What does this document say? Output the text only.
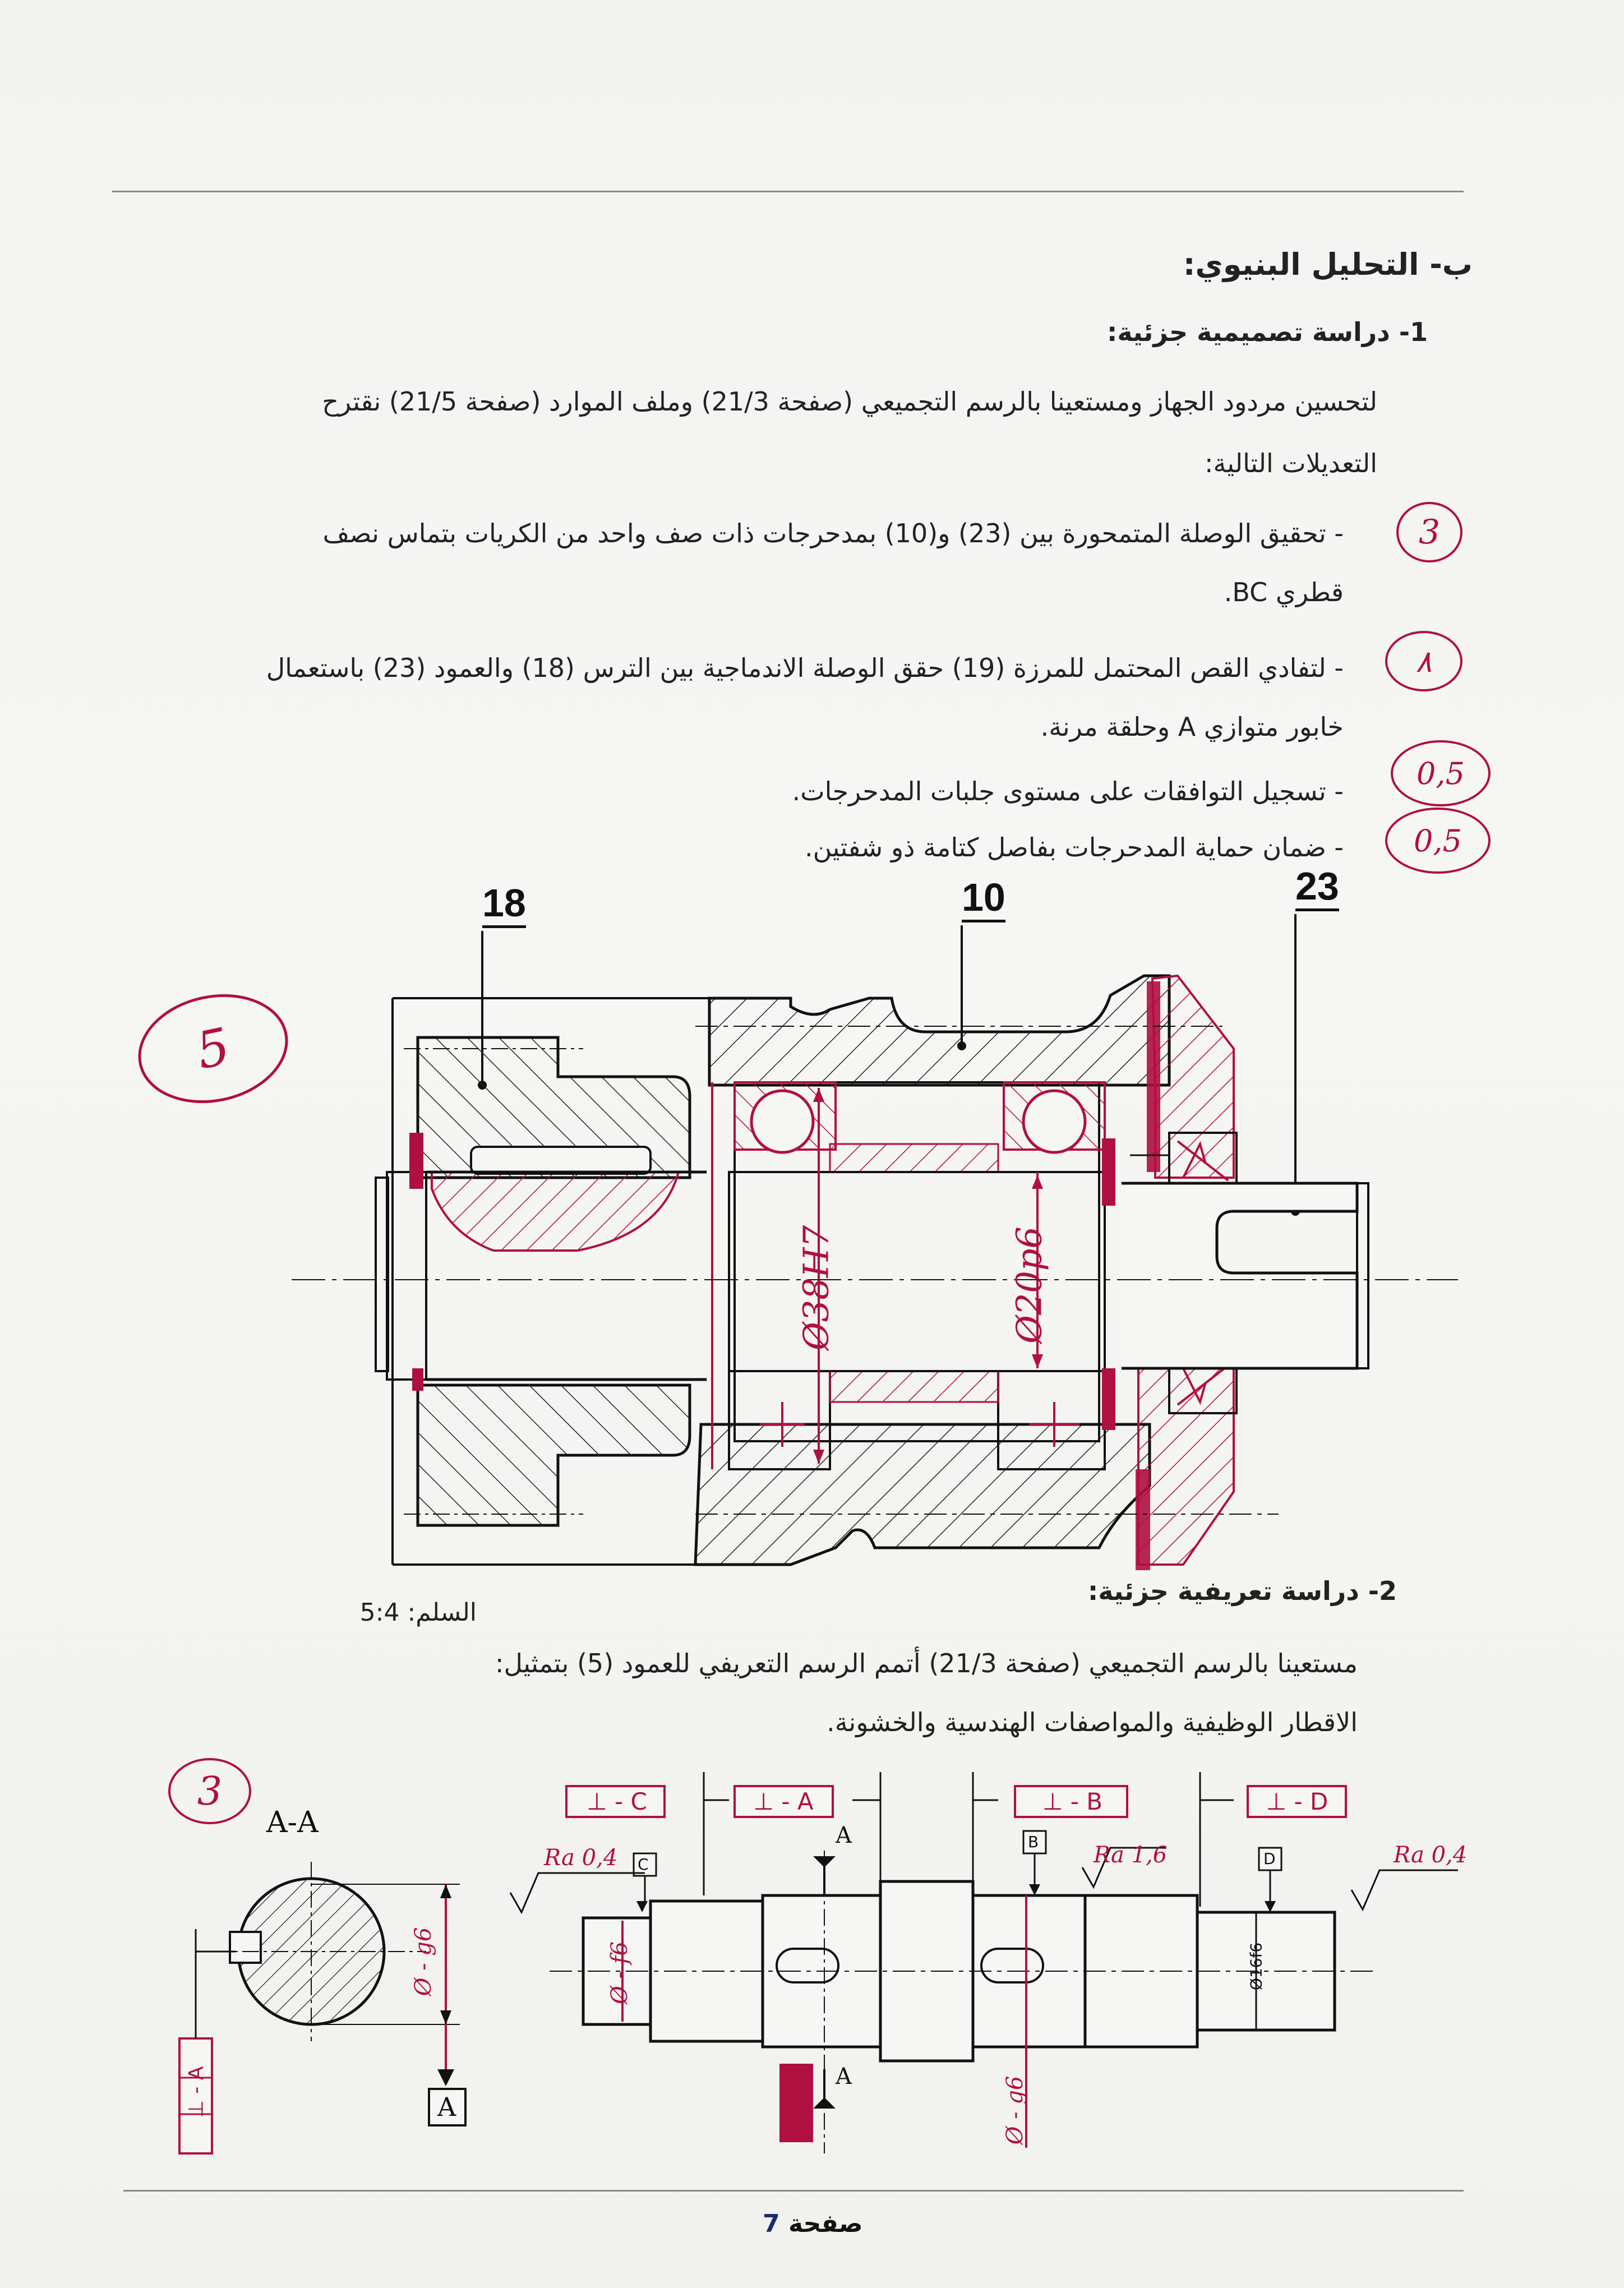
ب- التحليل البنيوي:
1- دراسة تصميمية جزئية:
لتحسين مردود الجهاز ومستعينا بالرسم التجميعي (صفحة 21/3) وملف الموارد (صفحة 21/5) نقترح
التعديلات التالية:
- تحقيق الوصلة المتمحورة بين (23) و(10) بمدحرجات ذات صف واحد من الكريات بتماس نصف
قطري BC.
- لتفادي القص المحتمل للمرزة (19) حقق الوصلة الاندماجية بين الترس (18) والعمود (23) باستعمال
خابور متوازي A وحلقة مرنة.
- تسجيل التوافقات على مستوى جلبات المدحرجات.
- ضمان حماية المدحرجات بفاصل كتامة ذو شفتين.
3
٨
0,5
0,5
5
3
18	10	23
Ø38H7	Ø20p6
2- دراسة تعريفية جزئية:
السلم: 5:4
مستعينا بالرسم التجميعي (صفحة 21/3) أتمم الرسم التعريفي للعمود (5) بتمثيل:
الاقطار الوظيفية والمواصفات الهندسية والخشونة.
A-A
A
⊥ - C	⊥ - A	⊥ - B	⊥ - D
C
B
D
A
A
Ra 0,4	Ra 1,6	Ra 0,4
Ø - f6
Ø - g6	Ø16f6
Ø - g6
⊥ - A
صفحة 7
